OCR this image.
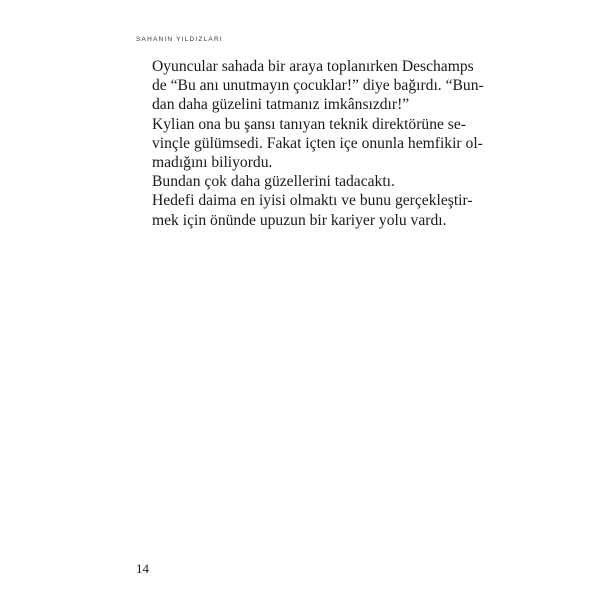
SAHANIN YILDIZLARI

Oyuncular sahada bir araya toplanırken Deschamps
de “Bu anı unutmayın çocuklar!” diye bağırdı. “Bun-
dan daha güzelini tatmanız imkânsızdır!”

Kylian ona bu şansı tanıyan teknik direktörüne se-
vinçle gülümsedi. Fakat içten içe onunla hemfikir ol-
madığını biliyordu.

Bundan çok daha güzellerini tadacaktı.

Hedefi daima en iyisi olmaktı ve bunu gerçekleştir-
mek için önünde upuzun bir kariyer yolu vardı.

14
